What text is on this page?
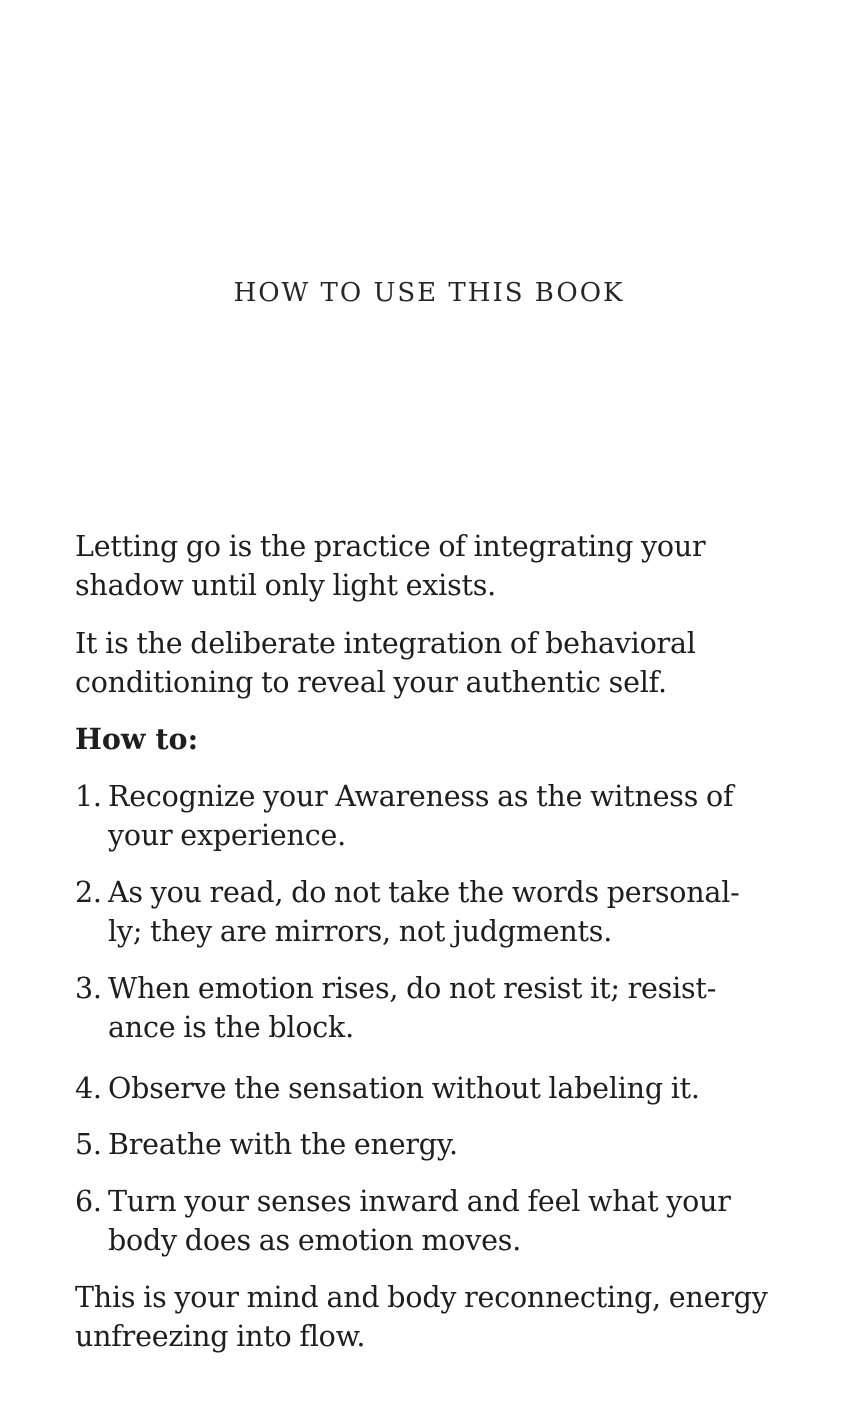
HOW TO USE THIS BOOK

Letting go is the practice of integrating your
shadow until only light exists.

It is the deliberate integration of behavioral
conditioning to reveal your authentic self.

How to:

1. Recognize your Awareness as the witness of
your experience.
2. As you read, do not take the words personal-
ly; they are mirrors, not judgments.
3. When emotion rises, do not resist it; resist-
ance is the block.
4. Observe the sensation without labeling it.
5. Breathe with the energy.
6. Turn your senses inward and feel what your
body does as emotion moves.

This is your mind and body reconnecting, energy
unfreezing into flow.
